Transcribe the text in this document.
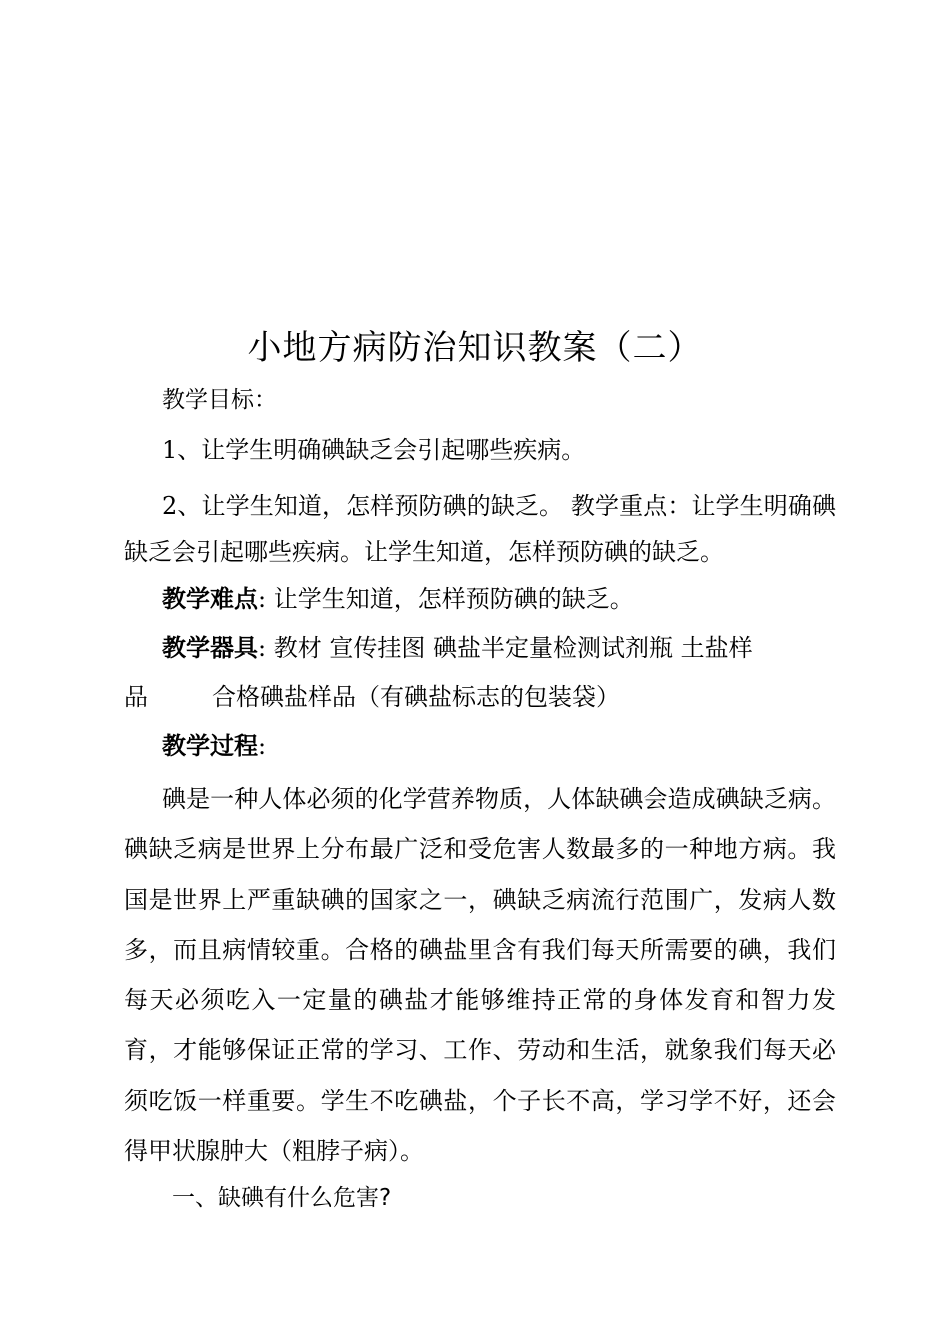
小地方病防治知识教案（二）
教学目标：
1、让学生明确碘缺乏会引起哪些疾病。
2、让学生知道，怎样预防碘的缺乏。 教学重点：让学生明确碘缺乏会引起哪些疾病。让学生知道，怎样预防碘的缺乏。
教学难点: 让学生知道，怎样预防碘的缺乏。
教学器具: 教材 宣传挂图 碘盐半定量检测试剂瓶 土盐样
品	合格碘盐样品（有碘盐标志的包装袋）
教学过程:
碘是一种人体必须的化学营养物质，人体缺碘会造成碘缺乏病。碘缺乏病是世界上分布最广泛和受危害人数最多的一种地方病。我国是世界上严重缺碘的国家之一，碘缺乏病流行范围广，发病人数多，而且病情较重。合格的碘盐里含有我们每天所需要的碘，我们每天必须吃入一定量的碘盐才能够维持正常的身体发育和智力发育，才能够保证正常的学习、工作、劳动和生活，就象我们每天必须吃饭一样重要。学生不吃碘盐，个子长不高，学习学不好，还会得甲状腺肿大（粗脖子病）。
一、缺碘有什么危害?
